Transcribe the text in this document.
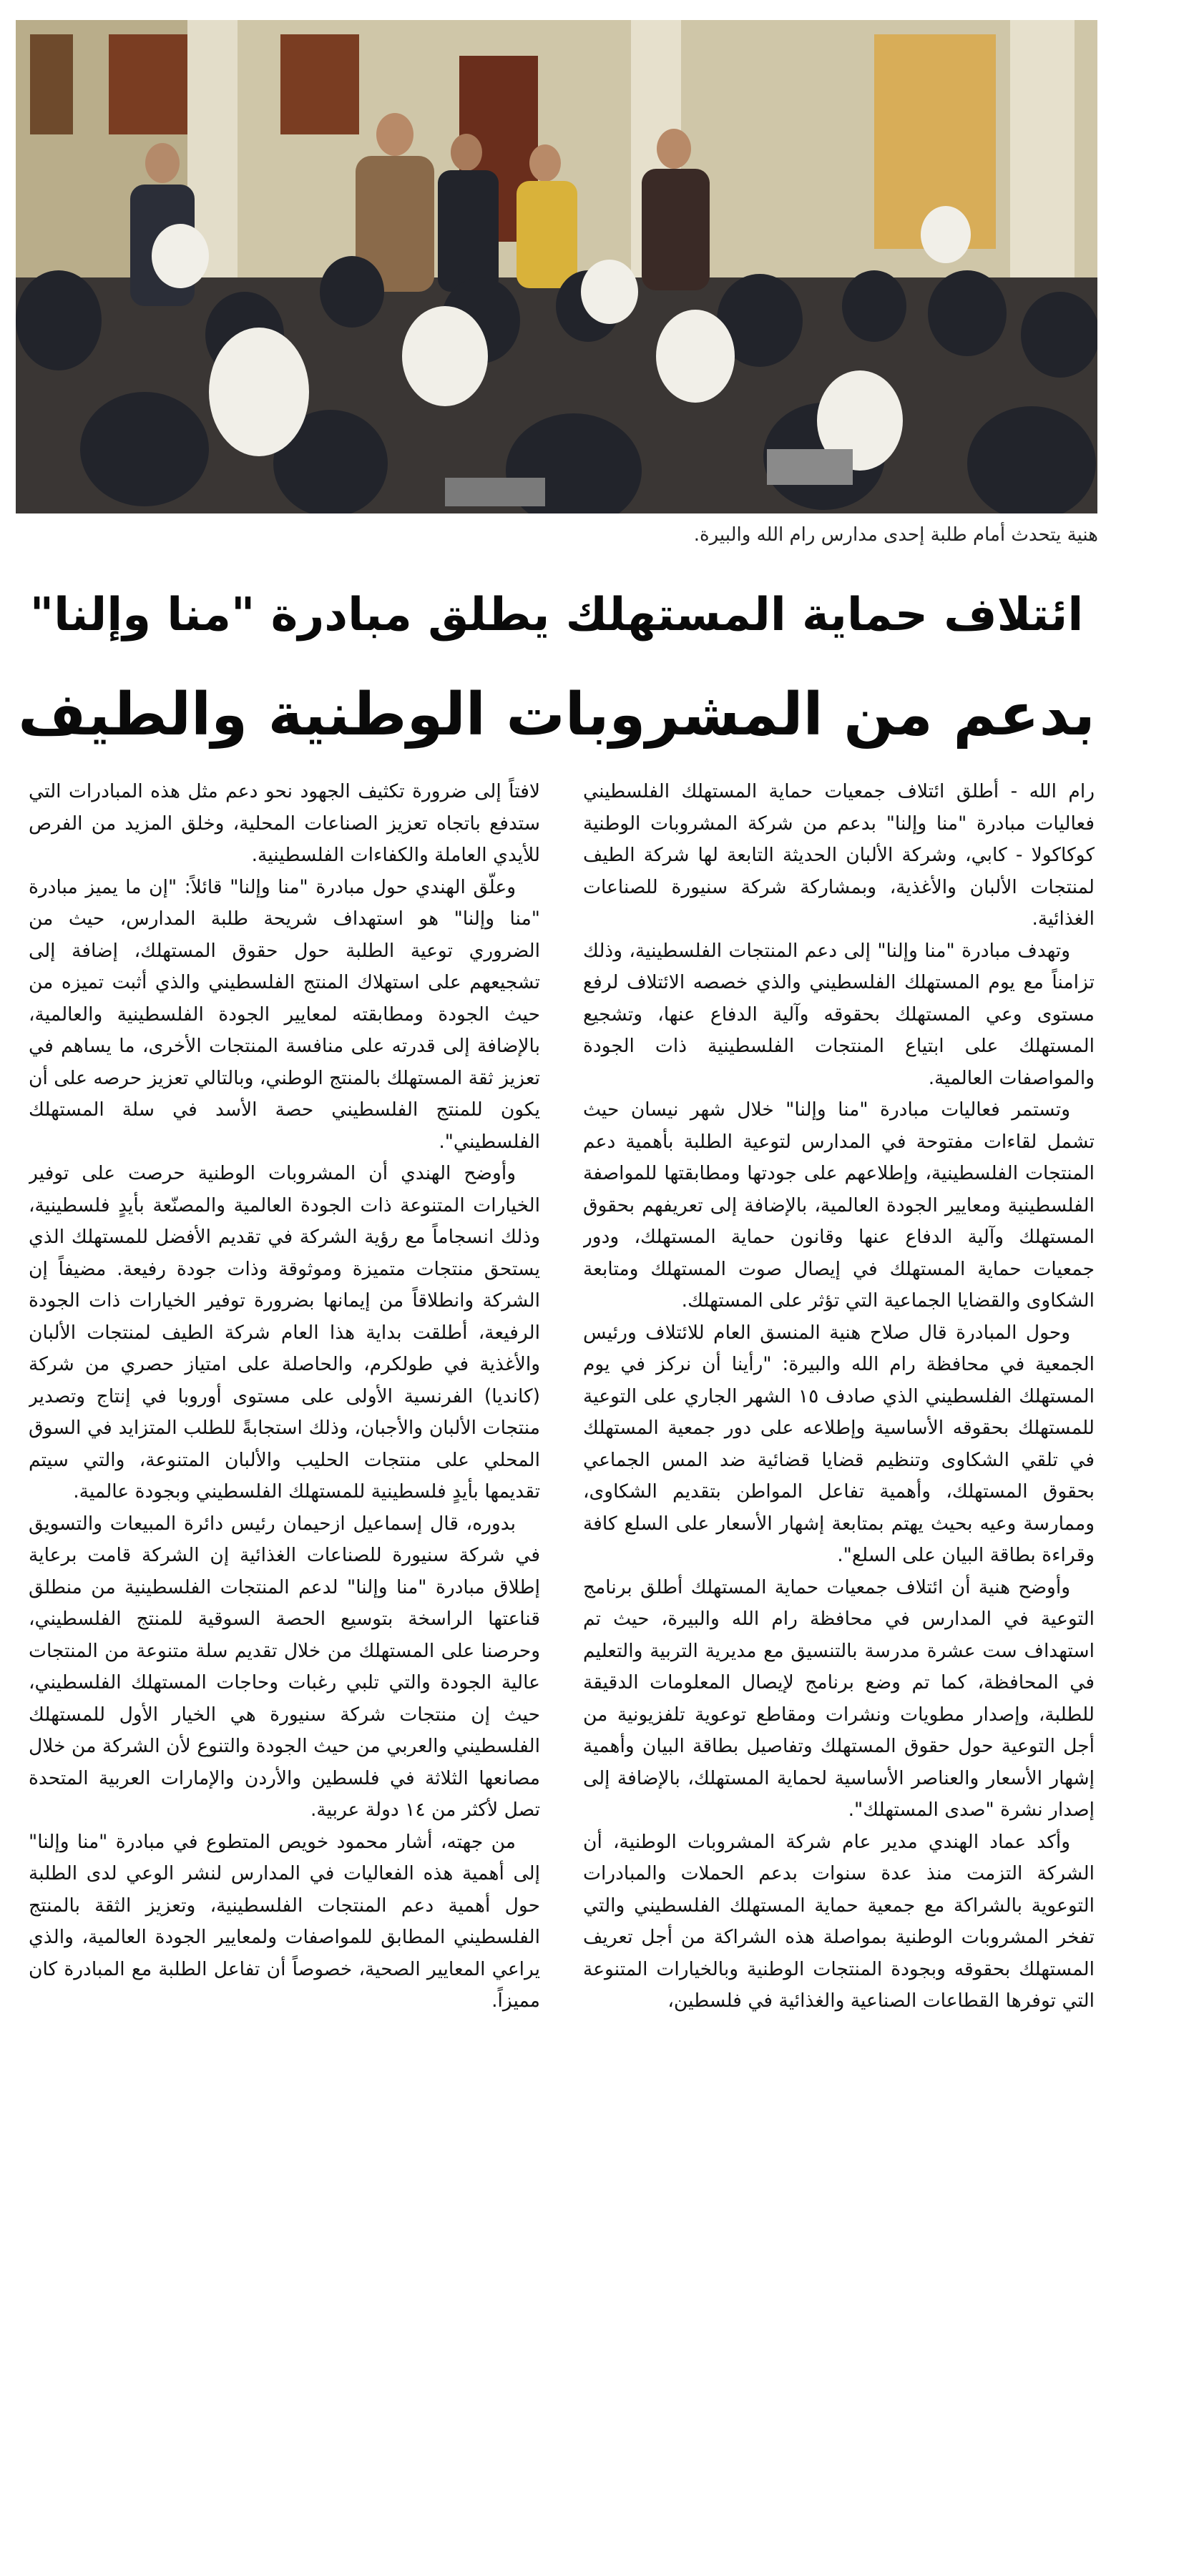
هنية يتحدث أمام طلبة إحدى مدارس رام الله والبيرة.
ائتلاف حماية المستهلك يطلق مبادرة "منا وإلنا"
بدعم من المشروبات الوطنية والطيف

رام الله - أطلق ائتلاف جمعيات حماية المستهلك الفلسطيني فعاليات مبادرة "منا وإلنا" بدعم من شركة المشروبات الوطنية كوكاكولا - كابي، وشركة الألبان الحديثة التابعة لها شركة الطيف لمنتجات الألبان والأغذية، وبمشاركة شركة سنيورة للصناعات الغذائية.

وتهدف مبادرة "منا وإلنا" إلى دعم المنتجات الفلسطينية، وذلك تزامناً مع يوم المستهلك الفلسطيني والذي خصصه الائتلاف لرفع مستوى وعي المستهلك بحقوقه وآلية الدفاع عنها، وتشجيع المستهلك على ابتياع المنتجات الفلسطينية ذات الجودة والمواصفات العالمية.

وتستمر فعاليات مبادرة "منا وإلنا" خلال شهر نيسان حيث تشمل لقاءات مفتوحة في المدارس لتوعية الطلبة بأهمية دعم المنتجات الفلسطينية، وإطلاعهم على جودتها ومطابقتها للمواصفة الفلسطينية ومعايير الجودة العالمية، بالإضافة إلى تعريفهم بحقوق المستهلك وآلية الدفاع عنها وقانون حماية المستهلك، ودور جمعيات حماية المستهلك في إيصال صوت المستهلك ومتابعة الشكاوى والقضايا الجماعية التي تؤثر على المستهلك.

وحول المبادرة قال صلاح هنية المنسق العام للائتلاف ورئيس الجمعية في محافظة رام الله والبيرة: "رأينا أن نركز في يوم المستهلك الفلسطيني الذي صادف ١٥ الشهر الجاري على التوعية للمستهلك بحقوقه الأساسية وإطلاعه على دور جمعية المستهلك في تلقي الشكاوى وتنظيم قضايا قضائية ضد المس الجماعي بحقوق المستهلك، وأهمية تفاعل المواطن بتقديم الشكاوى، وممارسة وعيه بحيث يهتم بمتابعة إشهار الأسعار على السلع كافة وقراءة بطاقة البيان على السلع".

وأوضح هنية أن ائتلاف جمعيات حماية المستهلك أطلق برنامج التوعية في المدارس في محافظة رام الله والبيرة، حيث تم استهداف ست عشرة مدرسة بالتنسيق مع مديرية التربية والتعليم في المحافظة، كما تم وضع برنامج لإيصال المعلومات الدقيقة للطلبة، وإصدار مطويات ونشرات ومقاطع توعوية تلفزيونية من أجل التوعية حول حقوق المستهلك وتفاصيل بطاقة البيان وأهمية إشهار الأسعار والعناصر الأساسية لحماية المستهلك، بالإضافة إلى إصدار نشرة "صدى المستهلك".

وأكد عماد الهندي مدير عام شركة المشروبات الوطنية، أن الشركة التزمت منذ عدة سنوات بدعم الحملات والمبادرات التوعوية بالشراكة مع جمعية حماية المستهلك الفلسطيني والتي تفخر المشروبات الوطنية بمواصلة هذه الشراكة من أجل تعريف المستهلك بحقوقه وبجودة المنتجات الوطنية وبالخيارات المتنوعة التي توفرها القطاعات الصناعية والغذائية في فلسطين،

لافتاً إلى ضرورة تكثيف الجهود نحو دعم مثل هذه المبادرات التي ستدفع باتجاه تعزيز الصناعات المحلية، وخلق المزيد من الفرص للأيدي العاملة والكفاءات الفلسطينية.

وعلّق الهندي حول مبادرة "منا وإلنا" قائلاً: "إن ما يميز مبادرة "منا وإلنا" هو استهداف شريحة طلبة المدارس، حيث من الضروري توعية الطلبة حول حقوق المستهلك، إضافة إلى تشجيعهم على استهلاك المنتج الفلسطيني والذي أثبت تميزه من حيث الجودة ومطابقته لمعايير الجودة الفلسطينية والعالمية، بالإضافة إلى قدرته على منافسة المنتجات الأخرى، ما يساهم في تعزيز ثقة المستهلك بالمنتج الوطني، وبالتالي تعزيز حرصه على أن يكون للمنتج الفلسطيني حصة الأسد في سلة المستهلك الفلسطيني".

وأوضح الهندي أن المشروبات الوطنية حرصت على توفير الخيارات المتنوعة ذات الجودة العالمية والمصنّعة بأيدٍ فلسطينية، وذلك انسجاماً مع رؤية الشركة في تقديم الأفضل للمستهلك الذي يستحق منتجات متميزة وموثوقة وذات جودة رفيعة. مضيفاً إن الشركة وانطلاقاً من إيمانها بضرورة توفير الخيارات ذات الجودة الرفيعة، أطلقت بداية هذا العام شركة الطيف لمنتجات الألبان والأغذية في طولكرم، والحاصلة على امتياز حصري من شركة (كانديا) الفرنسية الأولى على مستوى أوروبا في إنتاج وتصدير منتجات الألبان والأجبان، وذلك استجابةً للطلب المتزايد في السوق المحلي على منتجات الحليب والألبان المتنوعة، والتي سيتم تقديمها بأيدٍ فلسطينية للمستهلك الفلسطيني وبجودة عالمية.

بدوره، قال إسماعيل ازحيمان رئيس دائرة المبيعات والتسويق في شركة سنيورة للصناعات الغذائية إن الشركة قامت برعاية إطلاق مبادرة "منا وإلنا" لدعم المنتجات الفلسطينية من منطلق قناعتها الراسخة بتوسيع الحصة السوقية للمنتج الفلسطيني، وحرصنا على المستهلك من خلال تقديم سلة متنوعة من المنتجات عالية الجودة والتي تلبي رغبات وحاجات المستهلك الفلسطيني، حيث إن منتجات شركة سنيورة هي الخيار الأول للمستهلك الفلسطيني والعربي من حيث الجودة والتنوع لأن الشركة من خلال مصانعها الثلاثة في فلسطين والأردن والإمارات العربية المتحدة تصل لأكثر من ١٤ دولة عربية.

من جهته، أشار محمود خويص المتطوع في مبادرة "منا وإلنا" إلى أهمية هذه الفعاليات في المدارس لنشر الوعي لدى الطلبة حول أهمية دعم المنتجات الفلسطينية، وتعزيز الثقة بالمنتج الفلسطيني المطابق للمواصفات ولمعايير الجودة العالمية، والذي يراعي المعايير الصحية، خصوصاً أن تفاعل الطلبة مع المبادرة كان مميزاً.
